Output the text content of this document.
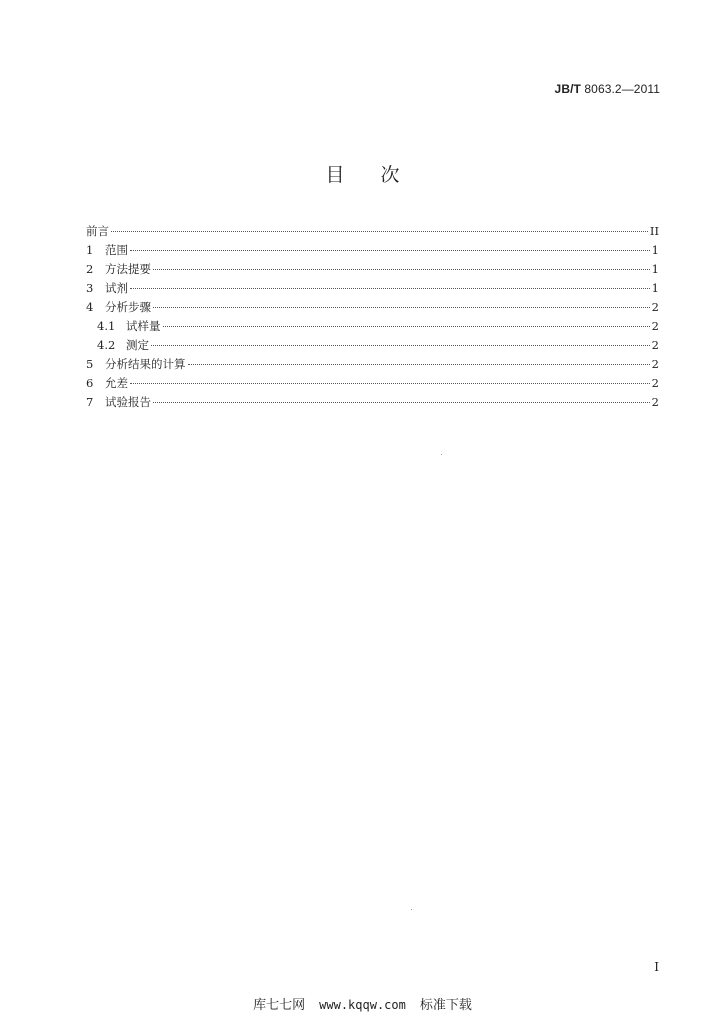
JB/T 8063.2—2011
目 次
前言	II
1	范围	1
2	方法提要	1
3	试剂	1
4	分析步骤	2
4.1 试样量	2
4.2 测定	2
5	分析结果的计算	2
6	允差	2
7	试验报告	2
I
库七七网 www.kqqw.com 标准下载
